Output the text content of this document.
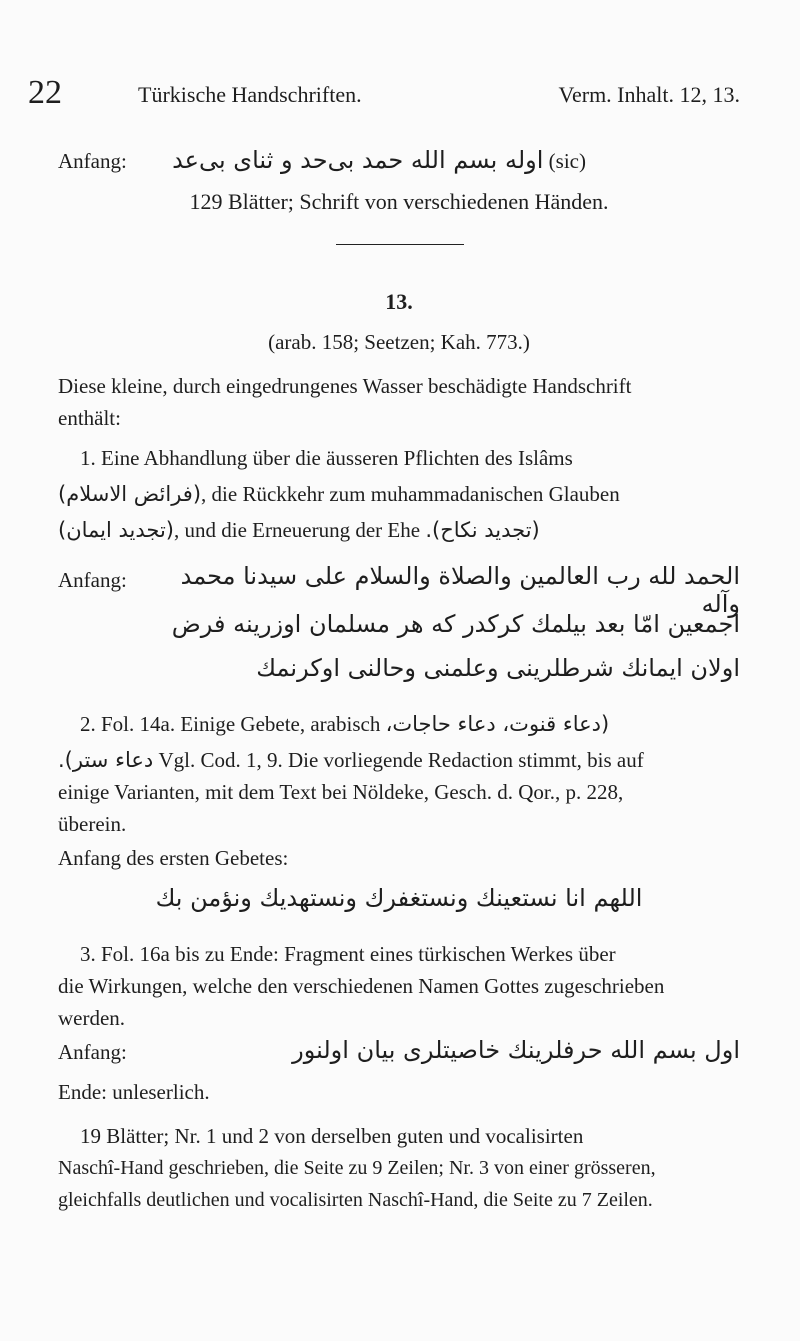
22	Türkische Handschriften.	Verm. Inhalt. 12, 13.
Anfang: اوله بسم الله حمد بی‌حد و ثنای بی‌عد (sic)
129 Blätter; Schrift von verschiedenen Händen.
13.
(arab. 158; Seetzen; Kah. 773.)
Diese kleine, durch eingedrungenes Wasser beschädigte Handschrift
enthält:
1. Eine Abhandlung über die äusseren Pflichten des Islâms
(فرائض الاسلام), die Rückkehr zum muhammadanischen Glauben
(تجديد ايمان), und die Erneuerung der Ehe (تجديد نكاح).
Anfang:	الحمد لله رب العالمين والصلاة والسلام على سيدنا محمد وآله
اجمعين امّا بعد بيلمك كركدر كه هر مسلمان اوزرينه فرض
اولان ايمانك شرطلرينى وعلمنى وحالنى اوكرنمك
2. Fol. 14a. Einige Gebete, arabisch (دعاء قنوت، دعاء حاجات،
دعاء ستر). Vgl. Cod. 1, 9. Die vorliegende Redaction stimmt, bis auf
einige Varianten, mit dem Text bei Nöldeke, Gesch. d. Qor., p. 228,
überein.
Anfang des ersten Gebetes:
اللهم انا نستعينك ونستغفرك ونستهديك ونؤمن بك
3. Fol. 16a bis zu Ende: Fragment eines türkischen Werkes über
die Wirkungen, welche den verschiedenen Namen Gottes zugeschrieben
werden.
Anfang:	اول بسم الله حرفلرينك خاصيتلرى بيان اولنور
Ende: unleserlich.
19 Blätter; Nr. 1 und 2 von derselben guten und vocalisirten
Naschî-Hand geschrieben, die Seite zu 9 Zeilen; Nr. 3 von einer grösseren,
gleichfalls deutlichen und vocalisirten Naschî-Hand, die Seite zu 7 Zeilen.
